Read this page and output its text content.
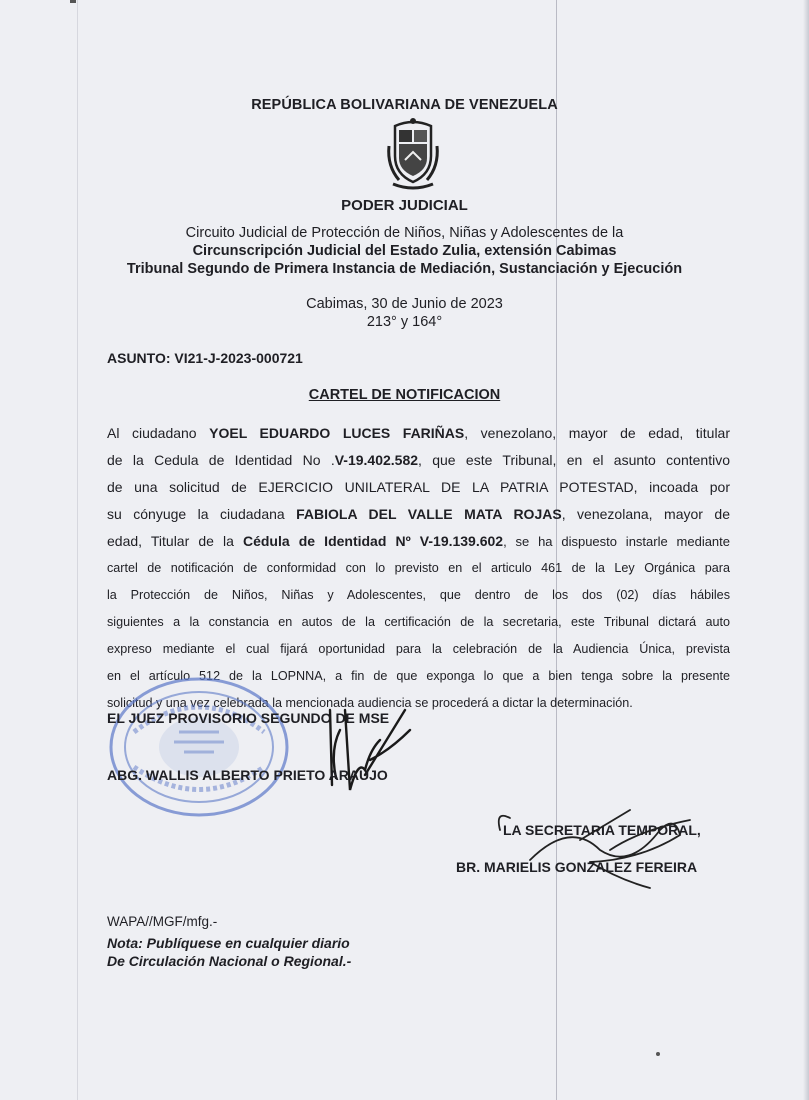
REPÚBLICA BOLIVARIANA DE VENEZUELA
PODER JUDICIAL
Circuito Judicial de Protección de Niños, Niñas y Adolescentes de la
Circunscripción Judicial del Estado Zulia, extensión Cabimas
Tribunal Segundo de Primera Instancia de Mediación, Sustanciación y Ejecución
Cabimas, 30 de Junio de 2023
213° y 164°
ASUNTO: VI21-J-2023-000721
CARTEL DE NOTIFICACION
Al ciudadano YOEL EDUARDO LUCES FARIÑAS, venezolano, mayor de edad, titular
de la Cedula de Identidad No .V-19.402.582, que este Tribunal, en el asunto contentivo
de una solicitud de EJERCICIO UNILATERAL DE LA PATRIA POTESTAD, incoada por
su cónyuge la ciudadana FABIOLA DEL VALLE MATA ROJAS, venezolana, mayor de
edad, Titular de la Cédula de Identidad Nº V-19.139.602, se ha dispuesto instarle mediante
cartel de notificación de conformidad con lo previsto en el articulo 461 de la Ley Orgánica para
la Protección de Niños, Niñas y Adolescentes, que dentro de los dos (02) días hábiles
siguientes a la constancia en autos de la certificación de la secretaria, este Tribunal dictará auto
expreso mediante el cual fijará oportunidad para la celebración de la Audiencia Única, prevista
en el artículo 512 de la LOPNNA, a fin de que exponga lo que a bien tenga sobre la presente
solicitud y una vez celebrada la mencionada audiencia se procederá a dictar la determinación.
EL JUEZ PROVISORIO SEGUNDO DE MSE
ABG. WALLIS ALBERTO PRIETO ARAUJO
LA SECRETARIA TEMPORAL,
BR. MARIELIS GONZALEZ FEREIRA
WAPA//MGF/mfg.-
Nota: Publíquese en cualquier diario
De Circulación Nacional o Regional.-
